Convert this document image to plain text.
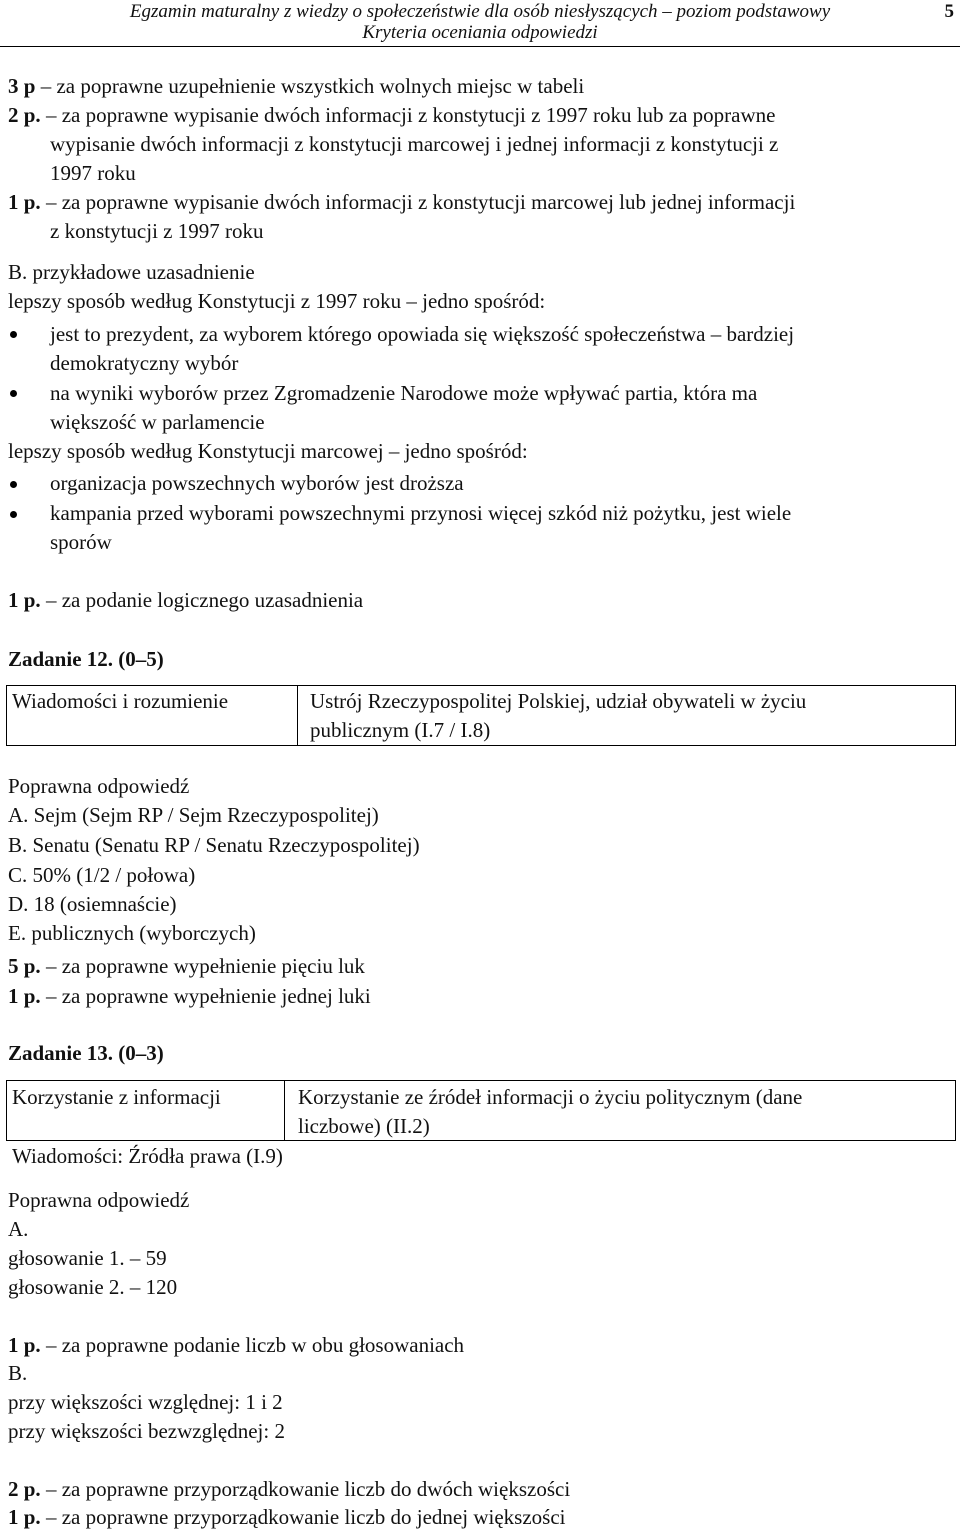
Egzamin maturalny z wiedzy o społeczeństwie dla osób niesłyszących – poziom podstawowy
Kryteria oceniania odpowiedzi
5
3 p – za poprawne uzupełnienie wszystkich wolnych miejsc w tabeli
2 p. – za poprawne wypisanie dwóch informacji z konstytucji z 1997 roku lub za poprawne
wypisanie dwóch informacji z konstytucji marcowej i jednej informacji z konstytucji z
1997 roku
1 p. – za poprawne wypisanie dwóch informacji z konstytucji marcowej lub jednej informacji
z konstytucji z 1997 roku
B. przykładowe uzasadnienie
lepszy sposób według Konstytucji z 1997 roku – jedno spośród:
jest to prezydent, za wyborem którego opowiada się większość społeczeństwa – bardziej
demokratyczny wybór
na wyniki wyborów przez Zgromadzenie Narodowe może wpływać partia, która ma
większość w parlamencie
lepszy sposób według Konstytucji marcowej – jedno spośród:
organizacja powszechnych wyborów jest droższa
kampania przed wyborami powszechnymi przynosi więcej szkód niż pożytku, jest wiele
sporów
1 p. – za podanie logicznego uzasadnienia
Zadanie 12. (0–5)
Wiadomości i rozumienie	Ustrój Rzeczypospolitej Polskiej, udział obywateli w życiu
publicznym (I.7 / I.8)
Poprawna odpowiedź
A. Sejm (Sejm RP / Sejm Rzeczypospolitej)
B. Senatu (Senatu RP / Senatu Rzeczypospolitej)
C. 50% (1/2 / połowa)
D. 18 (osiemnaście)
E. publicznych (wyborczych)
5 p. – za poprawne wypełnienie pięciu luk
1 p. – za poprawne wypełnienie jednej luki
Zadanie 13. (0–3)
Korzystanie z informacji
Wiadomości: Źródła prawa (I.9)
Korzystanie ze źródeł informacji o życiu politycznym (dane
liczbowe) (II.2)
Poprawna odpowiedź
A.
głosowanie 1. – 59
głosowanie 2. – 120
1 p. – za poprawne podanie liczb w obu głosowaniach
B.
przy większości względnej: 1 i 2
przy większości bezwzględnej: 2
2 p. – za poprawne przyporządkowanie liczb do dwóch większości
1 p. – za poprawne przyporządkowanie liczb do jednej większości
